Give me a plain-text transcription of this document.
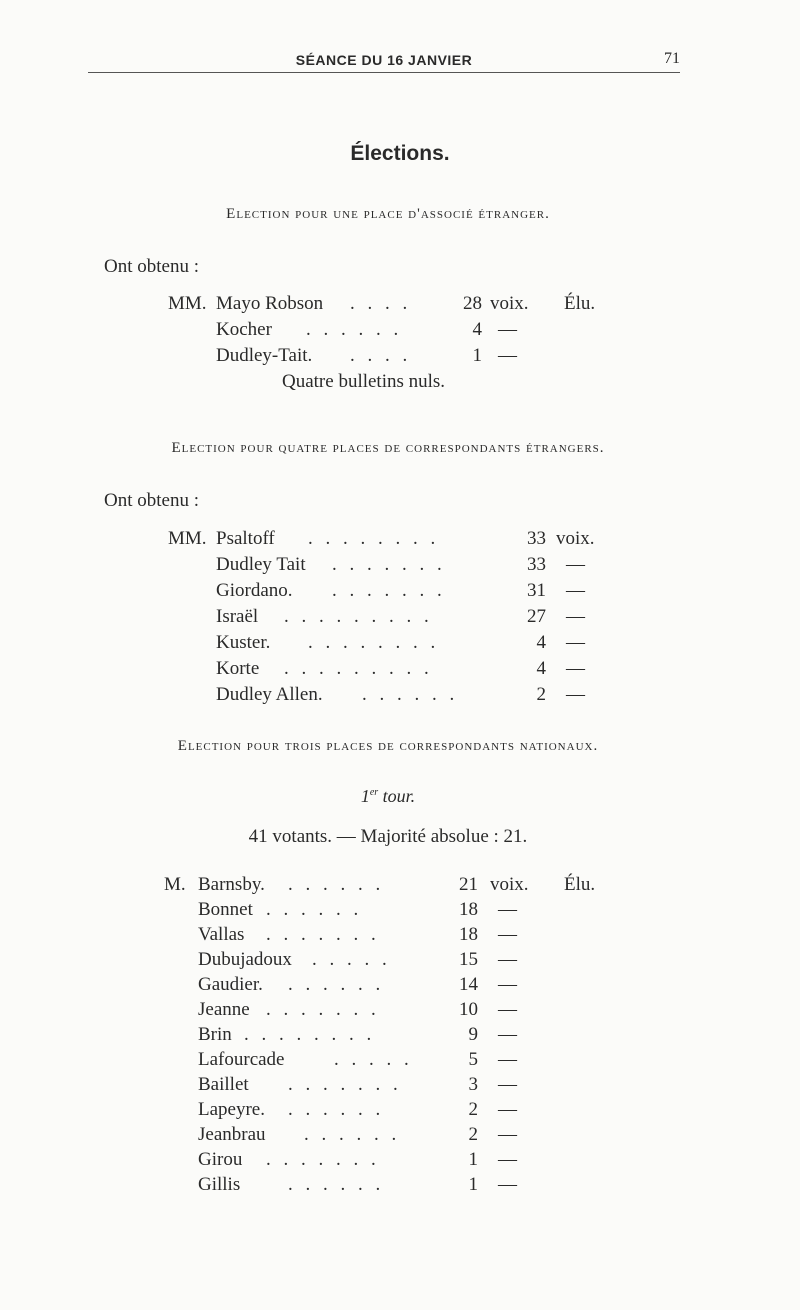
SÉANCE DU 16 JANVIER	71
Élections.
Election pour une place d'associé étranger.
Ont obtenu :
MM. Mayo Robson . . . .	28 voix. Élu.
Kocher . . . . . .	4 —
Dudley-Tait. . . . .	1 —
Quatre bulletins nuls.
Election pour quatre places de correspondants étrangers.
Ont obtenu :
MM. Psaltoff . . . . . . . .	33 voix.
Dudley Tait . . . . . . .	33 —
Giordano. . . . . . . .	31 —
Israël . . . . . . . . .	27 —
Kuster. . . . . . . . .	4 —
Korte . . . . . . . . .	4 —
Dudley Allen. . . . . . .	2 —
Election pour trois places de correspondants nationaux.
1er tour.
41 votants. — Majorité absolue : 21.
M. Barnsby. . . . . . .	21 voix. Élu.
Bonnet . . . . . .	18 —
Vallas . . . . . . .	18 —
Dubujadoux . . . . .	15 —
Gaudier. . . . . . .	14 —
Jeanne . . . . . . .	10 —
Brin . . . . . . . .	9 —
Lafourcade	. . . . .	5 —
Baillet . . . . . . .	3 —
Lapeyre. . . . . . .	2 —
Jeanbrau . . . . . .	2 —
Girou . . . . . . .	1 —
Gillis	. . . . . .	1 —
